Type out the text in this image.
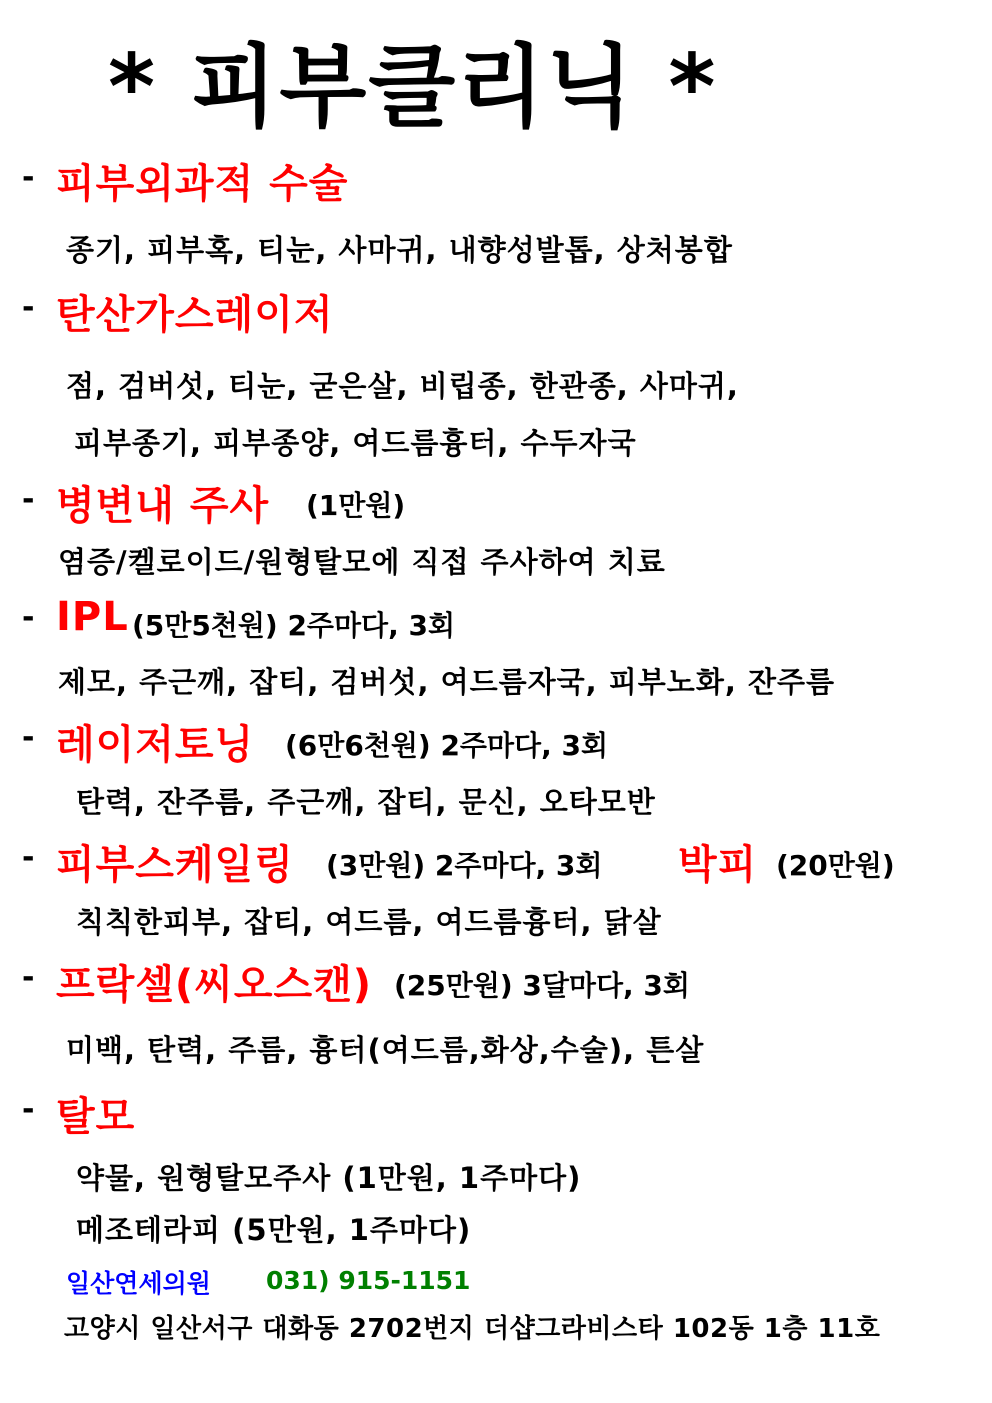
* 피부클리닉 *
- 피부외과적 수술
종기, 피부혹, 티눈, 사마귀, 내향성발톱, 상처봉합
- 탄산가스레이저
점, 검버섯, 티눈, 굳은살, 비립종, 한관종, 사마귀,
피부종기, 피부종양, 여드름흉터, 수두자국
- 병변내 주사 (1만원)
염증/켈로이드/원형탈모에 직접 주사하여 치료
- IPL (5만5천원) 2주마다, 3회
제모, 주근깨, 잡티, 검버섯, 여드름자국, 피부노화, 잔주름
- 레이저토닝 (6만6천원) 2주마다, 3회
탄력, 잔주름, 주근깨, 잡티, 문신, 오타모반
- 피부스케일링 (3만원) 2주마다, 3회 박피 (20만원)
칙칙한피부, 잡티, 여드름, 여드름흉터, 닭살
- 프락셀(씨오스캔) (25만원) 3달마다, 3회
미백, 탄력, 주름, 흉터(여드름,화상,수술), 튼살
- 탈모
약물, 원형탈모주사 (1만원, 1주마다)
메조테라피 (5만원, 1주마다)
일산연세의원 031) 915-1151
고양시 일산서구 대화동 2702번지 더샵그라비스타 102동 1층 11호
